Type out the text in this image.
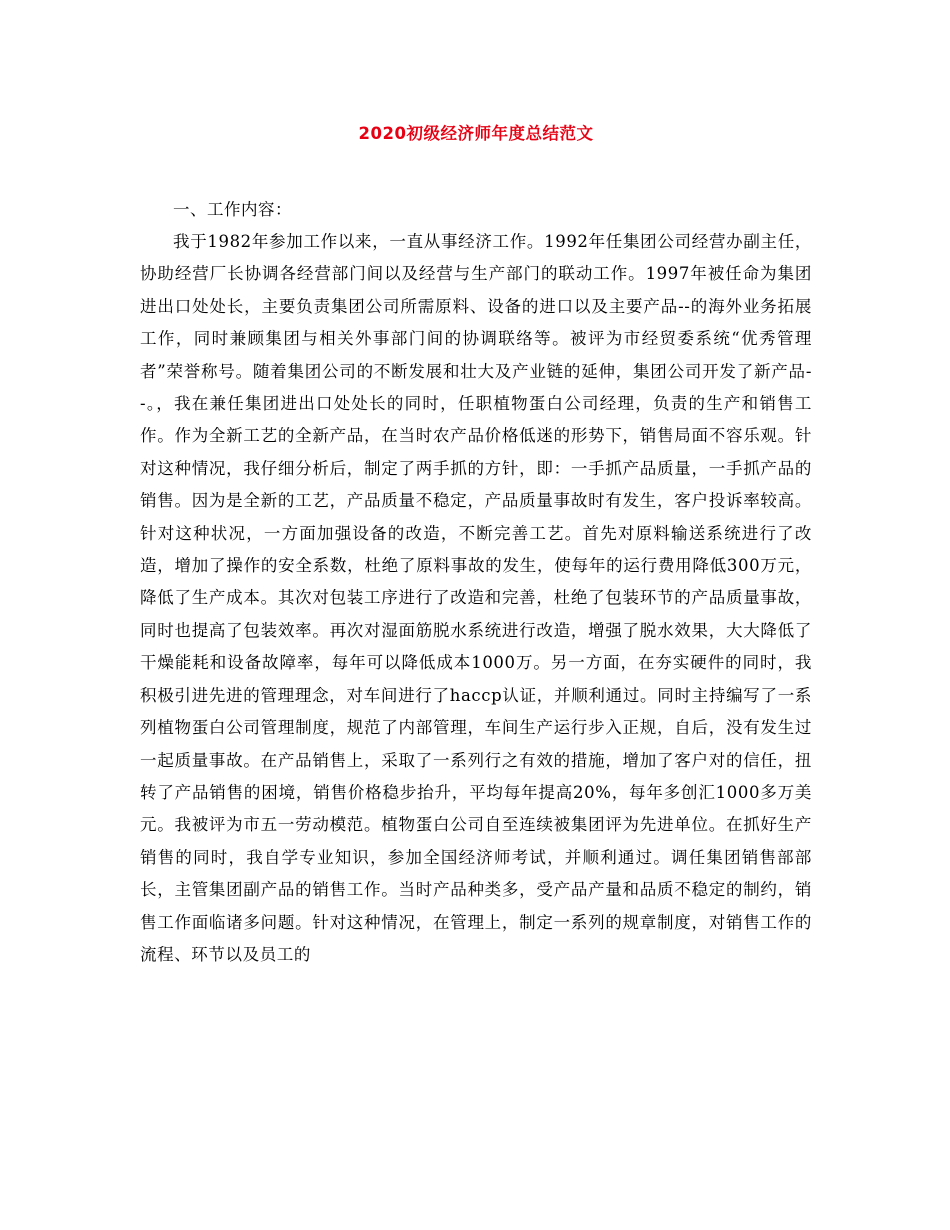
2020初级经济师年度总结范文

一、工作内容：

我于1982年参加工作以来，一直从事经济工作。1992年任集团公司经营办副主任，协助经营厂长协调各经营部门间以及经营与生产部门的联动工作。1997年被任命为集团进出口处处长，主要负责集团公司所需原料、设备的进口以及主要产品--的海外业务拓展工作，同时兼顾集团与相关外事部门间的协调联络等。被评为市经贸委系统“优秀管理者”荣誉称号。随着集团公司的不断发展和壮大及产业链的延伸，集团公司开发了新产品--。，我在兼任集团进出口处处长的同时，任职植物蛋白公司经理，负责的生产和销售工作。作为全新工艺的全新产品，在当时农产品价格低迷的形势下，销售局面不容乐观。针对这种情况，我仔细分析后，制定了两手抓的方针，即：一手抓产品质量，一手抓产品的销售。因为是全新的工艺，产品质量不稳定，产品质量事故时有发生，客户投诉率较高。针对这种状况，一方面加强设备的改造，不断完善工艺。首先对原料输送系统进行了改造，增加了操作的安全系数，杜绝了原料事故的发生，使每年的运行费用降低300万元，降低了生产成本。其次对包装工序进行了改造和完善，杜绝了包装环节的产品质量事故，同时也提高了包装效率。再次对湿面筋脱水系统进行改造，增强了脱水效果，大大降低了干燥能耗和设备故障率，每年可以降低成本1000万。另一方面，在夯实硬件的同时，我积极引进先进的管理理念，对车间进行了haccp认证，并顺利通过。同时主持编写了一系列植物蛋白公司管理制度，规范了内部管理，车间生产运行步入正规，自后，没有发生过一起质量事故。在产品销售上，采取了一系列行之有效的措施，增加了客户对的信任，扭转了产品销售的困境，销售价格稳步抬升，平均每年提高20%，每年多创汇1000多万美元。我被评为市五一劳动模范。植物蛋白公司自至连续被集团评为先进单位。在抓好生产销售的同时，我自学专业知识，参加全国经济师考试，并顺利通过。调任集团销售部部长，主管集团副产品的销售工作。当时产品种类多，受产品产量和品质不稳定的制约，销售工作面临诸多问题。针对这种情况，在管理上，制定一系列的规章制度，对销售工作的流程、环节以及员工的
